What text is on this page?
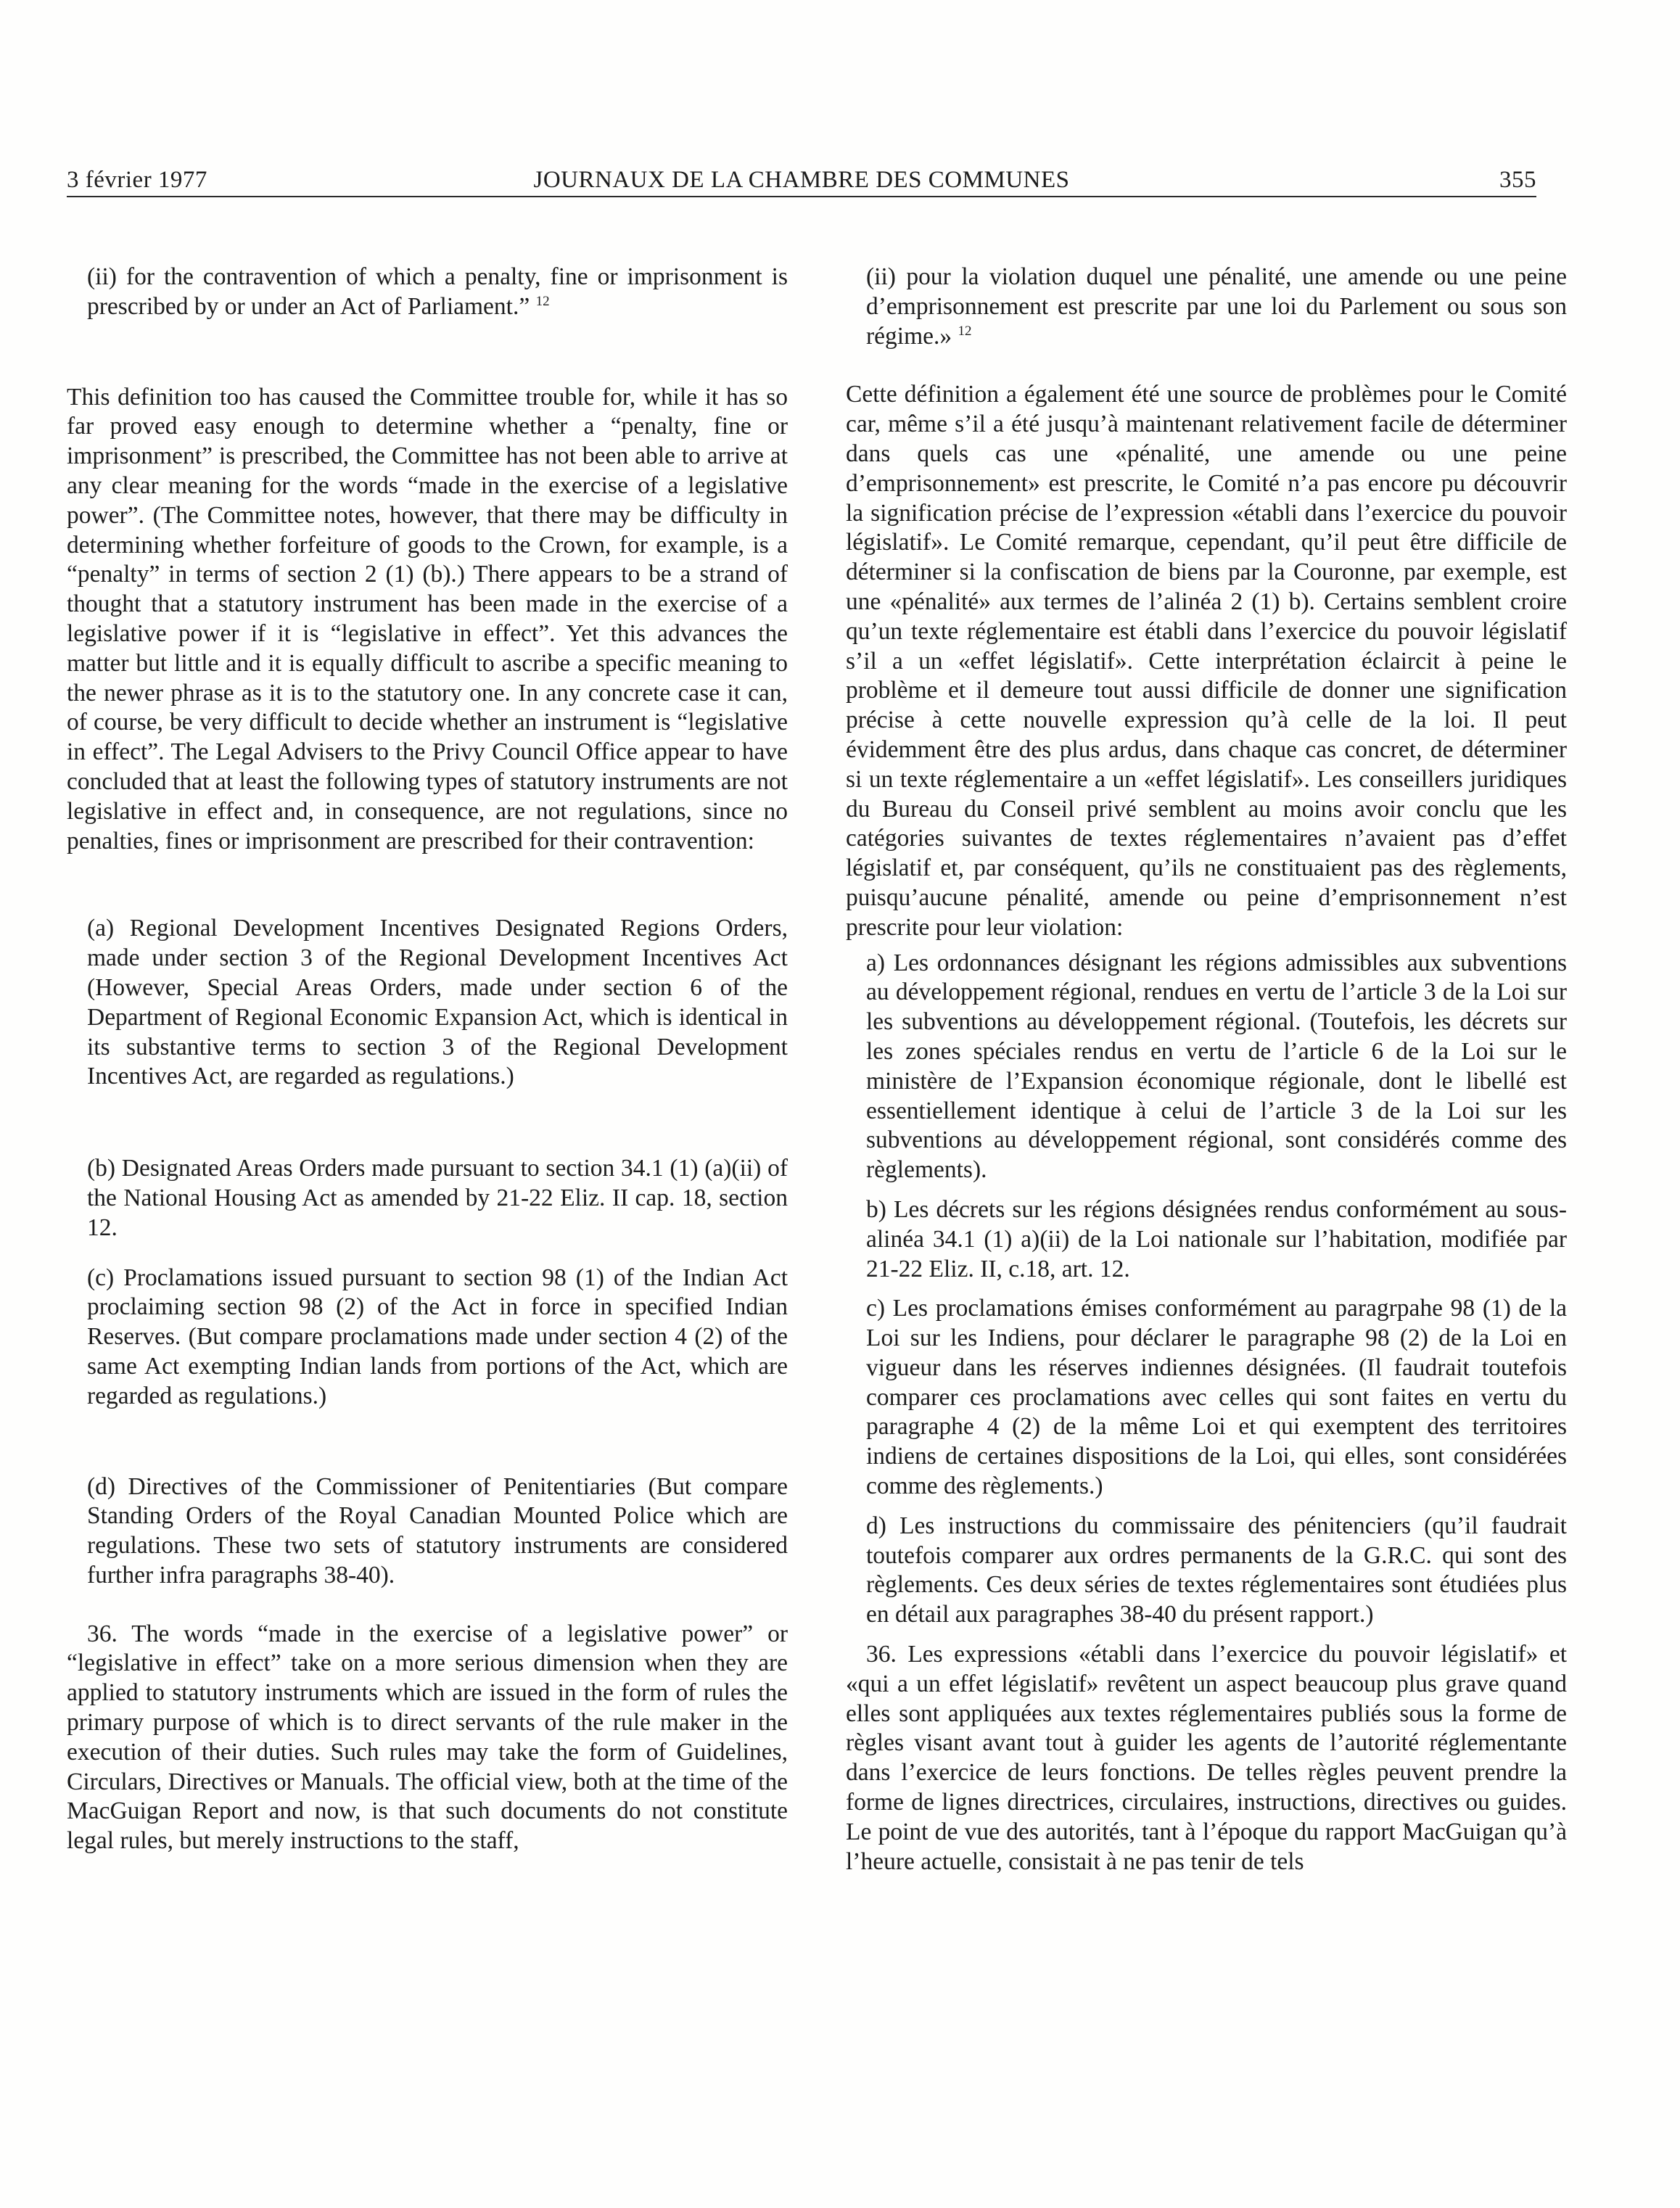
3 février 1977	JOURNAUX DE LA CHAMBRE DES COMMUNES	355

(ii) for the contravention of which a penalty, fine or imprisonment is prescribed by or under an Act of Parliament.” $^{12}$

This definition too has caused the Committee trouble for, while it has so far proved easy enough to determine whether a “penalty, fine or imprisonment” is prescribed, the Committee has not been able to arrive at any clear meaning for the words “made in the exercise of a legislative power”. (The Committee notes, however, that there may be difficulty in determining whether forfeiture of goods to the Crown, for example, is a “penalty” in terms of section 2 (1) (b).) There appears to be a strand of thought that a statutory instrument has been made in the exercise of a legislative power if it is “legislative in effect”. Yet this advances the matter but little and it is equally difficult to ascribe a specific meaning to the newer phrase as it is to the statutory one. In any concrete case it can, of course, be very difficult to decide whether an instrument is “legislative in effect”. The Legal Advisers to the Privy Council Office appear to have concluded that at least the following types of statutory instruments are not legislative in effect and, in consequence, are not regulations, since no penalties, fines or imprisonment are prescribed for their contravention:

(a) Regional Development Incentives Designated Regions Orders, made under section 3 of the Regional Development Incentives Act (However, Special Areas Orders, made under section 6 of the Department of Regional Economic Expansion Act, which is identical in its substantive terms to section 3 of the Regional Development Incentives Act, are regarded as regulations.)

(b) Designated Areas Orders made pursuant to section 34.1 (1) (a)(ii) of the National Housing Act as amended by 21-22 Eliz. II cap. 18, section 12.

(c) Proclamations issued pursuant to section 98 (1) of the Indian Act proclaiming section 98 (2) of the Act in force in specified Indian Reserves. (But compare proclamations made under section 4 (2) of the same Act exempting Indian lands from portions of the Act, which are regarded as regulations.)

(d) Directives of the Commissioner of Penitentiaries (But compare Standing Orders of the Royal Canadian Mounted Police which are regulations. These two sets of statutory instruments are considered further infra paragraphs 38-40).

36. The words “made in the exercise of a legislative power” or “legislative in effect” take on a more serious dimension when they are applied to statutory instruments which are issued in the form of rules the primary purpose of which is to direct servants of the rule maker in the execution of their duties. Such rules may take the form of Guidelines, Circulars, Directives or Manuals. The official view, both at the time of the MacGuigan Report and now, is that such documents do not constitute legal rules, but merely instructions to the staff,

(ii) pour la violation duquel une pénalité, une amende ou une peine d’emprisonnement est prescrite par une loi du Parlement ou sous son régime.» $^{12}$

Cette définition a également été une source de problèmes pour le Comité car, même s’il a été jusqu’à maintenant relativement facile de déterminer dans quels cas une «pénalité, une amende ou une peine d’emprisonnement» est prescrite, le Comité n’a pas encore pu découvrir la signification précise de l’expression «établi dans l’exercice du pouvoir législatif». Le Comité remarque, cependant, qu’il peut être difficile de déterminer si la confiscation de biens par la Couronne, par exemple, est une «pénalité» aux termes de l’alinéa 2 (1) b). Certains semblent croire qu’un texte réglementaire est établi dans l’exercice du pouvoir législatif s’il a un «effet législatif». Cette interprétation éclaircit à peine le problème et il demeure tout aussi difficile de donner une signification précise à cette nouvelle expression qu’à celle de la loi. Il peut évidemment être des plus ardus, dans chaque cas concret, de déterminer si un texte réglementaire a un «effet législatif». Les conseillers juridiques du Bureau du Conseil privé semblent au moins avoir conclu que les catégories suivantes de textes réglementaires n’avaient pas d’effet législatif et, par conséquent, qu’ils ne constituaient pas des règlements, puisqu’aucune pénalité, amende ou peine d’emprisonnement n’est prescrite pour leur violation:

a) Les ordonnances désignant les régions admissibles aux subventions au développement régional, rendues en vertu de l’article 3 de la Loi sur les subventions au développement régional. (Toutefois, les décrets sur les zones spéciales rendus en vertu de l’article 6 de la Loi sur le ministère de l’Expansion économique régionale, dont le libellé est essentiellement identique à celui de l’article 3 de la Loi sur les subventions au développement régional, sont considérés comme des règlements).

b) Les décrets sur les régions désignées rendus conformément au sous-alinéa 34.1 (1) a)(ii) de la Loi nationale sur l’habitation, modifiée par 21-22 Eliz. II, c.18, art. 12.

c) Les proclamations émises conformément au paragrpahe 98 (1) de la Loi sur les Indiens, pour déclarer le paragraphe 98 (2) de la Loi en vigueur dans les réserves indiennes désignées. (Il faudrait toutefois comparer ces proclamations avec celles qui sont faites en vertu du paragraphe 4 (2) de la même Loi et qui exemptent des territoires indiens de certaines dispositions de la Loi, qui elles, sont considérées comme des règlements.)

d) Les instructions du commissaire des pénitenciers (qu’il faudrait toutefois comparer aux ordres permanents de la G.R.C. qui sont des règlements. Ces deux séries de textes réglementaires sont étudiées plus en détail aux paragraphes 38-40 du présent rapport.)

36. Les expressions «établi dans l’exercice du pouvoir législatif» et «qui a un effet législatif» revêtent un aspect beaucoup plus grave quand elles sont appliquées aux textes réglementaires publiés sous la forme de règles visant avant tout à guider les agents de l’autorité réglementante dans l’exercice de leurs fonctions. De telles règles peuvent prendre la forme de lignes directrices, circulaires, instructions, directives ou guides. Le point de vue des autorités, tant à l’époque du rapport MacGuigan qu’à l’heure actuelle, consistait à ne pas tenir de tels
